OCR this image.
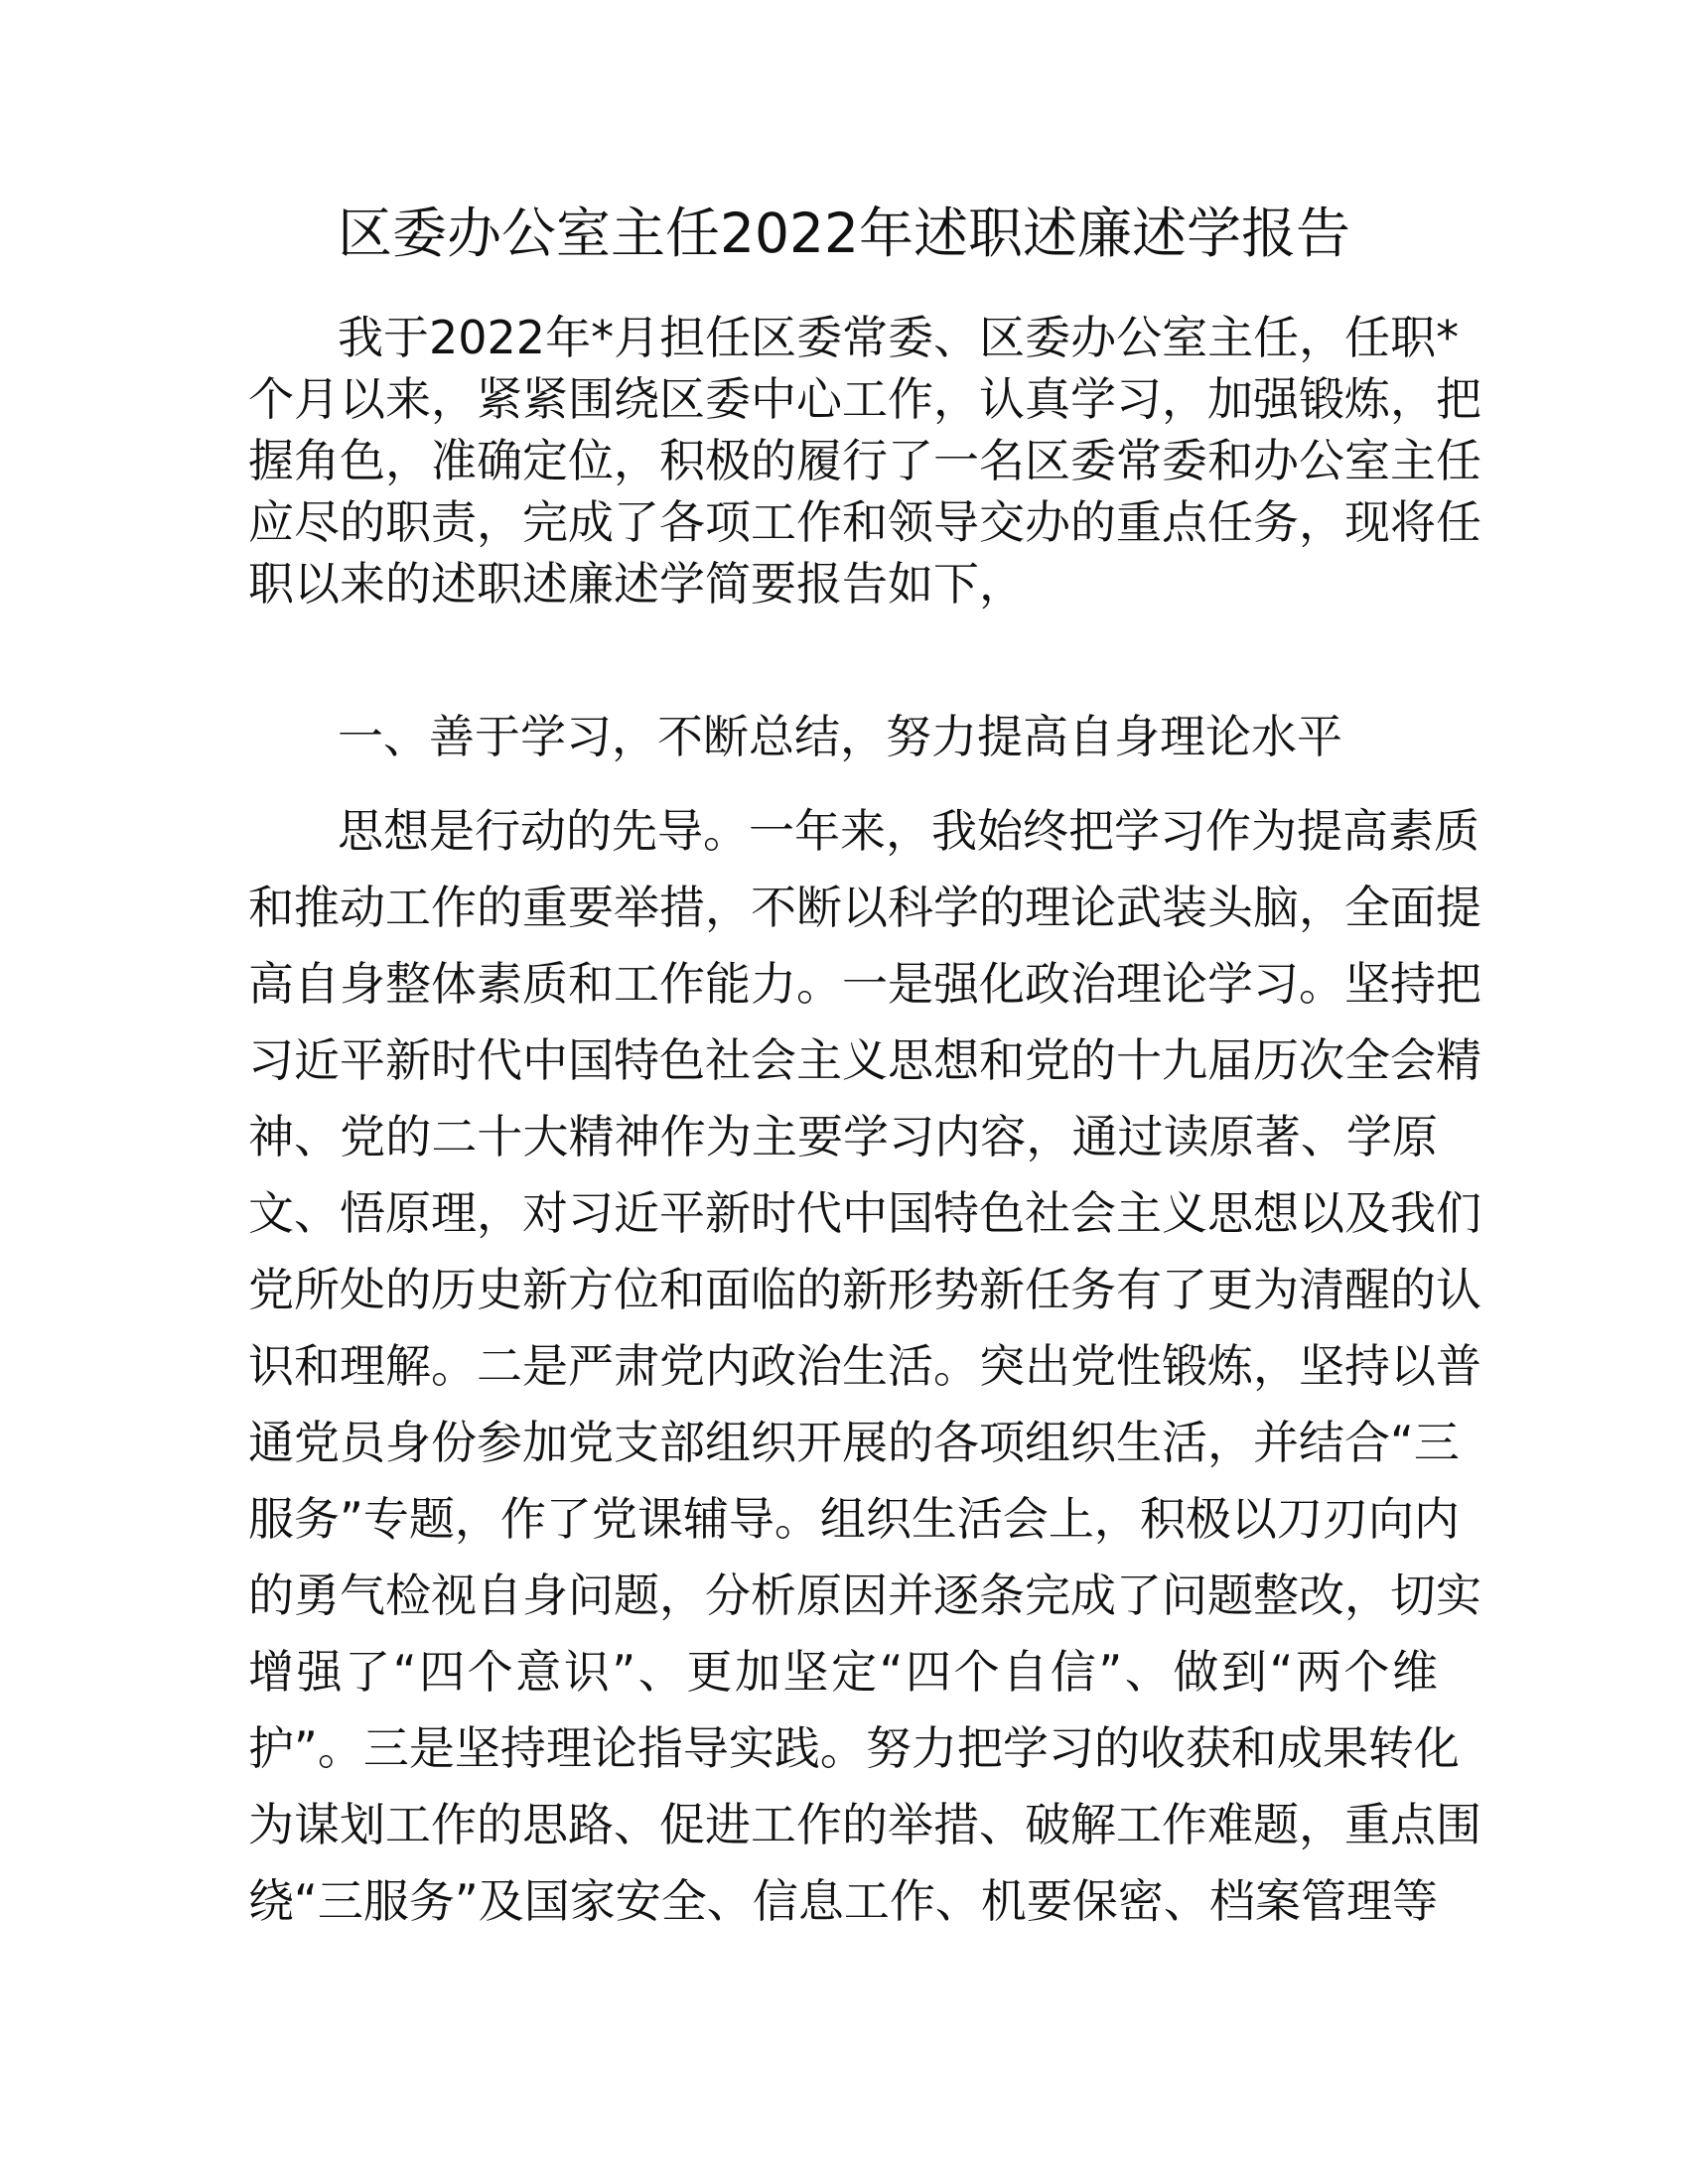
区委办公室主任2022年述职述廉述学报告

我于2022年*月担任区委常委、区委办公室主任，任职*

个月以来，紧紧围绕区委中心工作，认真学习，加强锻炼，把

握角色，准确定位，积极的履行了一名区委常委和办公室主任

应尽的职责，完成了各项工作和领导交办的重点任务，现将任

职以来的述职述廉述学简要报告如下，

一、善于学习，不断总结，努力提高自身理论水平

思想是行动的先导。一年来，我始终把学习作为提高素质

和推动工作的重要举措，不断以科学的理论武装头脑，全面提

高自身整体素质和工作能力。一是强化政治理论学习。坚持把

习近平新时代中国特色社会主义思想和党的十九届历次全会精

神、党的二十大精神作为主要学习内容，通过读原著、学原

文、悟原理，对习近平新时代中国特色社会主义思想以及我们

党所处的历史新方位和面临的新形势新任务有了更为清醒的认

识和理解。二是严肃党内政治生活。突出党性锻炼，坚持以普

通党员身份参加党支部组织开展的各项组织生活，并结合“三

服务”专题，作了党课辅导。组织生活会上，积极以刀刃向内

的勇气检视自身问题，分析原因并逐条完成了问题整改，切实

增强了“四个意识”、更加坚定“四个自信”、做到“两个维

护”。三是坚持理论指导实践。努力把学习的收获和成果转化

为谋划工作的思路、促进工作的举措、破解工作难题，重点围

绕“三服务”及国家安全、信息工作、机要保密、档案管理等
